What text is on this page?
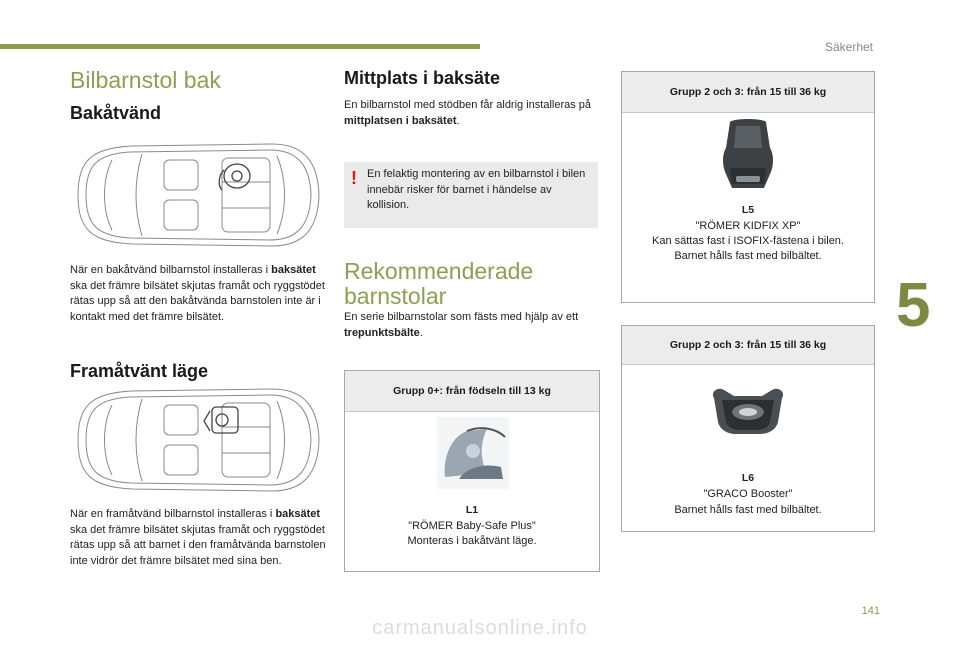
Säkerhet
5
141
Bilbarnstol bak
Bakåtvänd
När en bakåtvänd bilbarnstol installeras i baksätet ska det främre bilsätet skjutas framåt och ryggstödet rätas upp så att den bakåtvända barnstolen inte är i kontakt med det främre bilsätet.
Framåtvänt läge
När en framåtvänd bilbarnstol installeras i baksätet ska det främre bilsätet skjutas framåt och ryggstödet rätas upp så att barnet i den framåtvända barnstolen inte vidrör det främre bilsätet med sina ben.
Mittplats i baksäte
En bilbarnstol med stödben får aldrig installeras på mittplatsen i baksätet.
! En felaktig montering av en bilbarnstol i bilen innebär risker för barnet i händelse av kollision.
Rekommenderade
barnstolar
En serie bilbarnstolar som fästs med hjälp av ett trepunktsbälte.
Grupp 0+: från födseln till 13 kg
L1
"RÖMER Baby-Safe Plus"
Monteras i bakåtvänt läge.
Grupp 2 och 3: från 15 till 36 kg
L5
"RÖMER KIDFIX XP"
Kan sättas fast i ISOFIX-fästena i bilen.
Barnet hålls fast med bilbältet.
Grupp 2 och 3: från 15 till 36 kg
L6
"GRACO Booster"
Barnet hålls fast med bilbältet.
carmanualsonline.info
